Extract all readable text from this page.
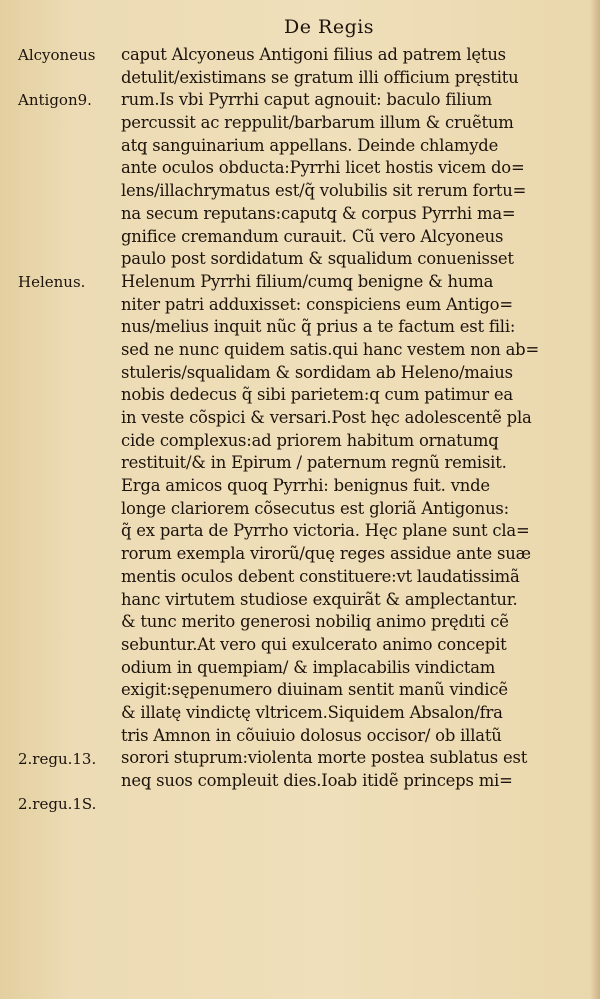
De Regis
caput Alcyoneus Antigoni filius ad patrem lętus
detulit/existimans se gratum illi officium pręstitu
rum.Is vbi Pyrrhi caput agnouit: baculo filium
percussit ac reppulit/barbarum illum & cruẽtum
atq̧ sanguinarium appellans. Deinde chlamyde
ante oculos obducta:Pyrrhi licet hostis vicem do=
lens/illachrymatus est/q̃ volubilis sit rerum fortu=
na secum reputans:caputq̧ & corpus Pyrrhi ma=
gnifice cremandum curauit. Cũ vero Alcyoneus
paulo post sordidatum & squalidum conuenisset
Helenum Pyrrhi filium/cumq̧ benigne & huma
niter patri adduxisset: conspiciens eum Antigo=
nus/melius inquit nũc q̃ prius a te factum est fili:
sed ne nunc quidem satis.qui hanc vestem non ab=
stuleris/squalidam & sordidam ab Heleno/maius
nobis dedecus q̃ sibi parietem:q cum patimur ea
in veste cõspici & versari.Post hęc adolescentẽ pla
cide complexus:ad priorem habitum ornatumq̧
restituit/& in Epirum / paternum regnũ remisit.
Erga amicos quoq̧ Pyrrhi: benignus fuit. vnde
longe clariorem cõsecutus est gloriã Antigonus:
q̃ ex parta de Pyrrho victoria. Hęc plane sunt cla=
rorum exempla virorũ/quę reges assidue ante suæ
mentis oculos debent constituere:vt laudatissimã
hanc virtutem studiose exquirãt & amplectantur.
& tunc merito generosi nobiliq̧ animo prędıti cẽ
sebuntur.At vero qui exulcerato animo concepit
odium in quempiam/ & implacabilis vindictam
exigit:sępenumero diuinam sentit manũ vindicẽ
& illatę vindictę vltricem.Siquidem Absalon/fra
tris Amnon in cõuiuio dolosus occisor/ ob illatũ
sorori stuprum:violenta morte postea sublatus est
neq̧ suos compleuit dies.Ioab itidẽ princeps mi=
Alcyoneus
Antigon9.
Helenus.
2.regu.13.
2.regu.1S.
